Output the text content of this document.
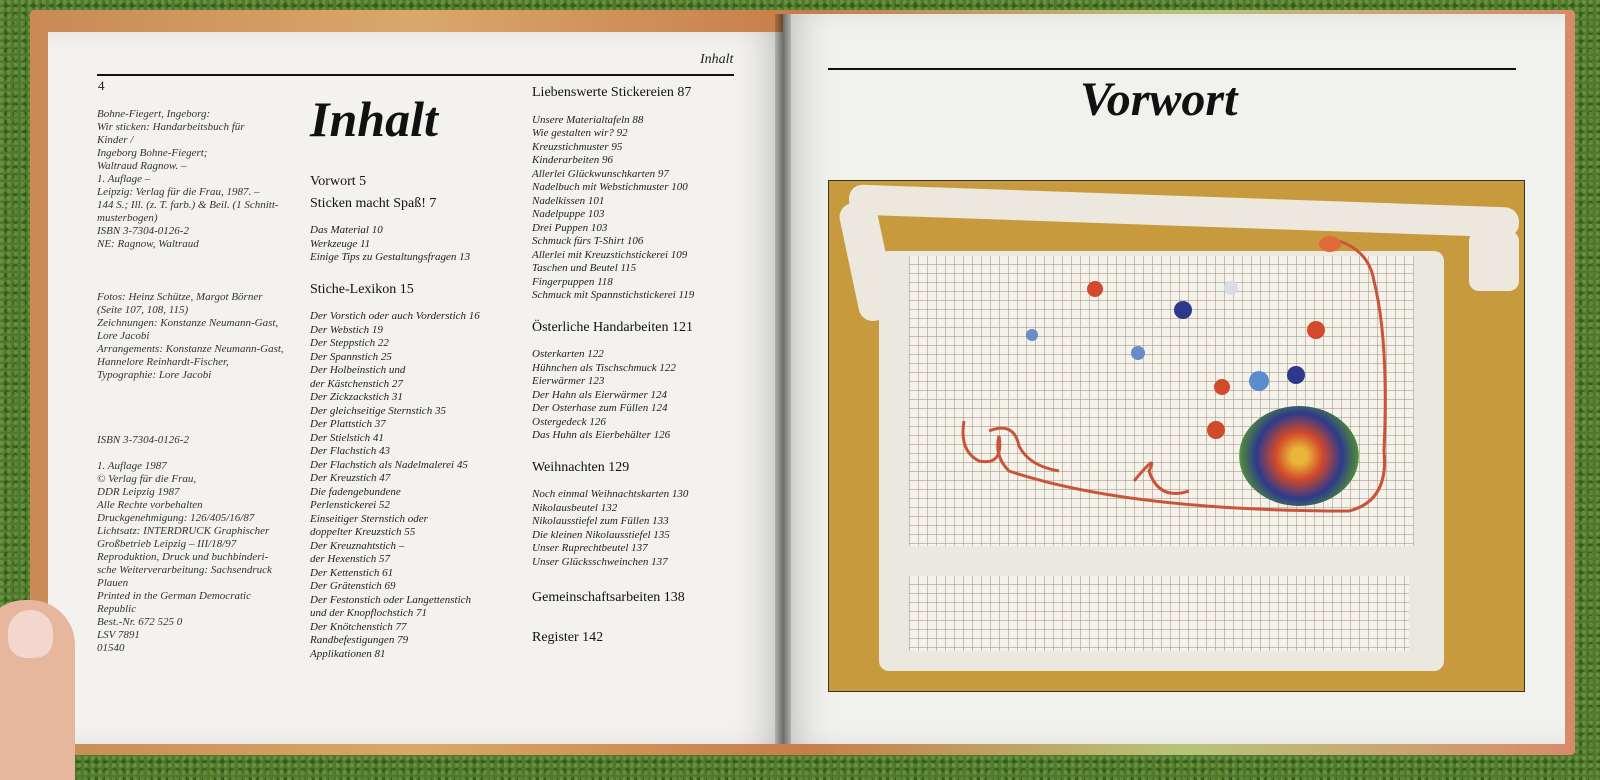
Inhalt
4
Bohne-Fiegert, Ingeborg:
Wir sticken: Handarbeitsbuch für
Kinder /
Ingeborg Bohne-Fiegert;
Waltraud Ragnow. –
1. Auflage –
Leipzig: Verlag für die Frau, 1987. –
144 S.; Ill. (z. T. farb.) & Beil. (1 Schnitt-
musterbogen)
ISBN 3-7304-0126-2
NE: Ragnow, Waltraud
Fotos: Heinz Schütze, Margot Börner
(Seite 107, 108, 115)
Zeichnungen: Konstanze Neumann-Gast,
Lore Jacobi
Arrangements: Konstanze Neumann-Gast,
Hannelore Reinhardt-Fischer,
Typographie: Lore Jacobi
ISBN 3-7304-0126-2

1. Auflage 1987
© Verlag für die Frau,
DDR Leipzig 1987
Alle Rechte vorbehalten
Druckgenehmigung: 126/405/16/87
Lichtsatz: INTERDRUCK Graphischer
Großbetrieb Leipzig – III/18/97
Reproduktion, Druck und buchbinderi-
sche Weiterverarbeitung: Sachsendruck
Plauen
Printed in the German Democratic
Republic
Best.-Nr. 672 525 0
LSV 7891
01540
Inhalt
Vorwort 5
Sticken macht Spaß! 7
Das Material 10
Werkzeuge 11
Einige Tips zu Gestaltungsfragen 13
Stiche-Lexikon 15
Der Vorstich oder auch Vorderstich 16
Der Webstich 19
Der Steppstich 22
Der Spannstich 25
Der Holbeinstich und
der Kästchenstich 27
Der Zickzackstich 31
Der gleichseitige Sternstich 35
Der Plattstich 37
Der Stielstich 41
Der Flachstich 43
Der Flachstich als Nadelmalerei 45
Der Kreuzstich 47
Die fadengebundene
Perlenstickerei 52
Einseitiger Sternstich oder
doppelter Kreuzstich 55
Der Kreuznahtstich –
der Hexenstich 57
Der Kettenstich 61
Der Grätenstich 69
Der Festonstich oder Langettenstich
und der Knopflochstich 71
Der Knötchenstich 77
Randbefestigungen 79
Applikationen 81
Liebenswerte Stickereien 87
Unsere Materialtafeln 88
Wie gestalten wir? 92
Kreuzstichmuster 95
Kinderarbeiten 96
Allerlei Glückwunschkarten 97
Nadelbuch mit Webstichmuster 100
Nadelkissen 101
Nadelpuppe 103
Drei Puppen 103
Schmuck fürs T-Shirt 106
Allerlei mit Kreuzstichstickerei 109
Taschen und Beutel 115
Fingerpuppen 118
Schmuck mit Spannstichstickerei 119
Österliche Handarbeiten 121
Osterkarten 122
Hühnchen als Tischschmuck 122
Eierwärmer 123
Der Hahn als Eierwärmer 124
Der Osterhase zum Füllen 124
Ostergedeck 126
Das Huhn als Eierbehälter 126
Weihnachten 129
Noch einmal Weihnachtskarten 130
Nikolausbeutel 132
Nikolausstiefel zum Füllen 133
Die kleinen Nikolausstiefel 135
Unser Ruprechtbeutel 137
Unser Glücksschweinchen 137
Gemeinschaftsarbeiten 138
Register 142
Vorwort
